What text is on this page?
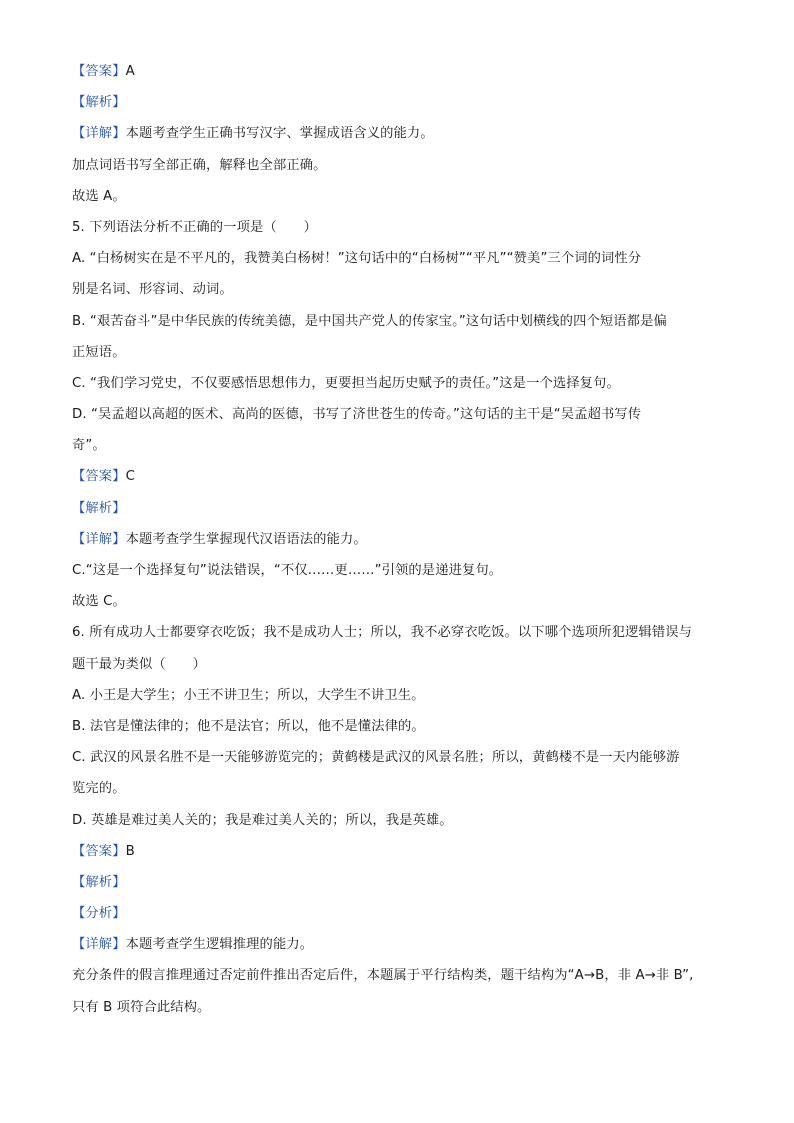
【答案】A
【解析】
【详解】本题考查学生正确书写汉字、掌握成语含义的能力。
加点词语书写全部正确，解释也全部正确。
故选 A。
5. 下列语法分析不正确的一项是（　　）
A. “白杨树实在是不平凡的，我赞美白杨树！”这句话中的“白杨树”“平凡”“赞美”三个词的词性分
别是名词、形容词、动词。
B. “艰苦奋斗”是中华民族的传统美德，是中国共产党人的传家宝。”这句话中划横线的四个短语都是偏
正短语。
C. “我们学习党史，不仅要感悟思想伟力，更要担当起历史赋予的责任。”这是一个选择复句。
D. “吴孟超以高超的医术、高尚的医德，书写了济世苍生的传奇。”这句话的主干是“吴孟超书写传
奇”。
【答案】C
【解析】
【详解】本题考查学生掌握现代汉语语法的能力。
C.“这是一个选择复句”说法错误，“不仅……更……”引领的是递进复句。
故选 C。
6. 所有成功人士都要穿衣吃饭；我不是成功人士；所以，我不必穿衣吃饭。以下哪个选项所犯逻辑错误与
题干最为类似（　　）
A. 小王是大学生；小王不讲卫生；所以，大学生不讲卫生。
B. 法官是懂法律的；他不是法官；所以，他不是懂法律的。
C. 武汉的风景名胜不是一天能够游览完的；黄鹤楼是武汉的风景名胜；所以，黄鹤楼不是一天内能够游
览完的。
D. 英雄是难过美人关的；我是难过美人关的；所以，我是英雄。
【答案】B
【解析】
【分析】
【详解】本题考查学生逻辑推理的能力。
充分条件的假言推理通过否定前件推出否定后件，本题属于平行结构类，题干结构为“A→B，非 A→非 B”,
只有 B 项符合此结构。
